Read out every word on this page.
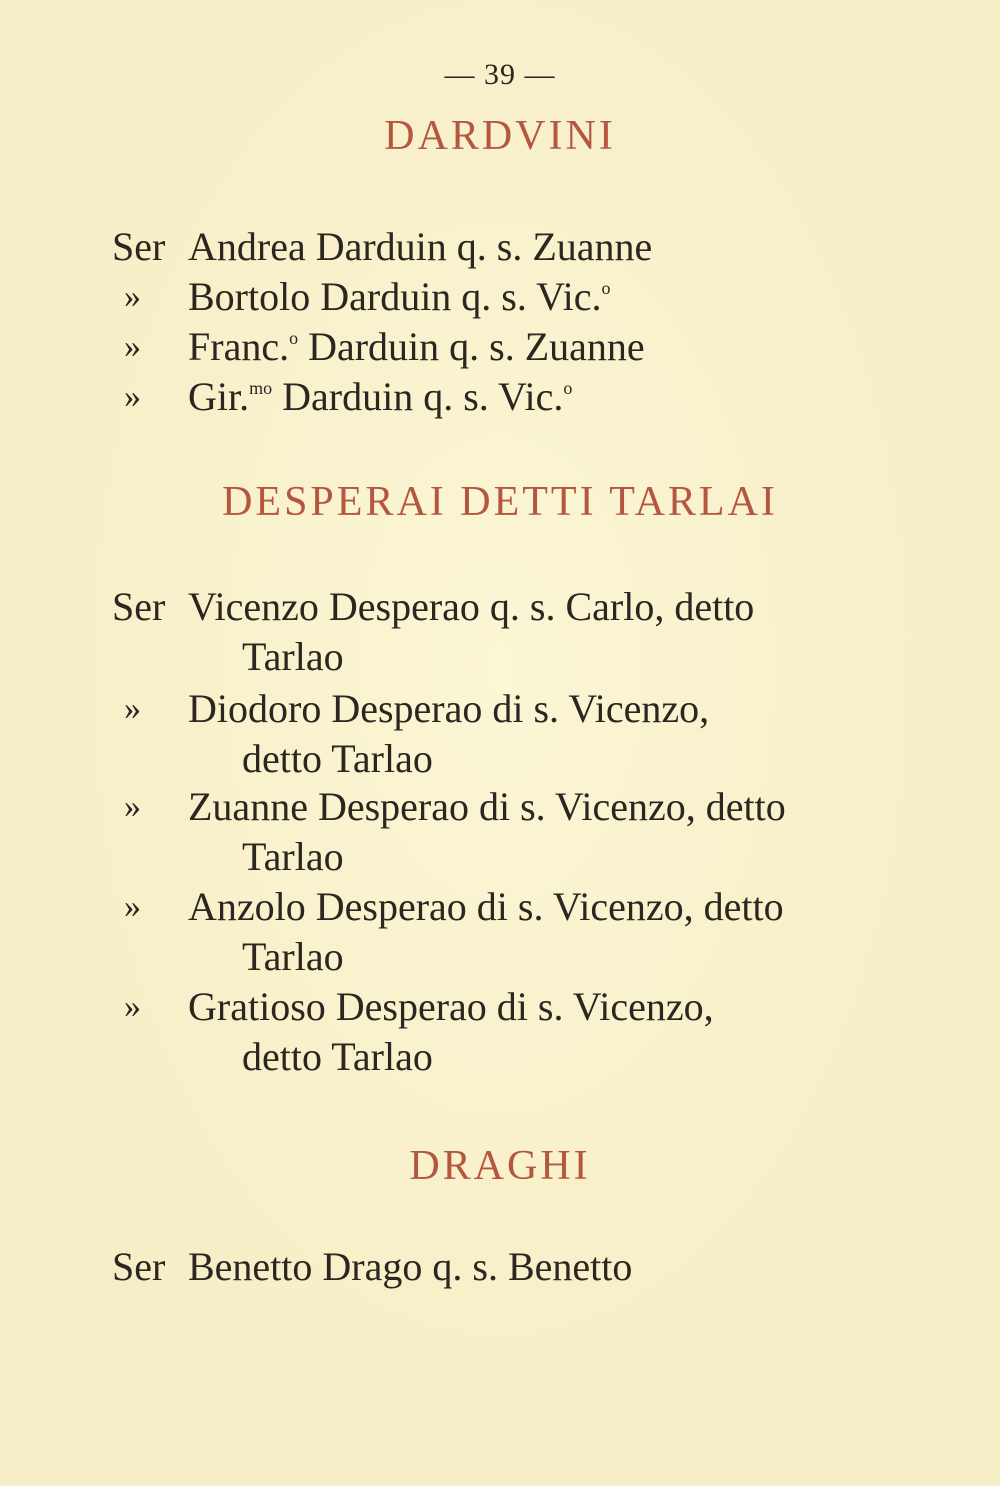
— 39 —
DARDVINI
Ser Andrea Darduin q. s. Zuanne
» Bortolo Darduin q. s. Vic.$^o$
» Franc.$^o$ Darduin q. s. Zuanne
» Gir.$^{mo}$ Darduin q. s. Vic.$^o$
DESPERAI DETTI TARLAI
Ser Vicenzo Desperao q. s. Carlo, detto
Tarlao
» Diodoro Desperao di s. Vicenzo,
detto Tarlao
» Zuanne Desperao di s. Vicenzo, detto
Tarlao
» Anzolo Desperao di s. Vicenzo, detto
Tarlao
» Gratioso Desperao di s. Vicenzo,
detto Tarlao
DRAGHI
Ser Benetto Drago q. s. Benetto
